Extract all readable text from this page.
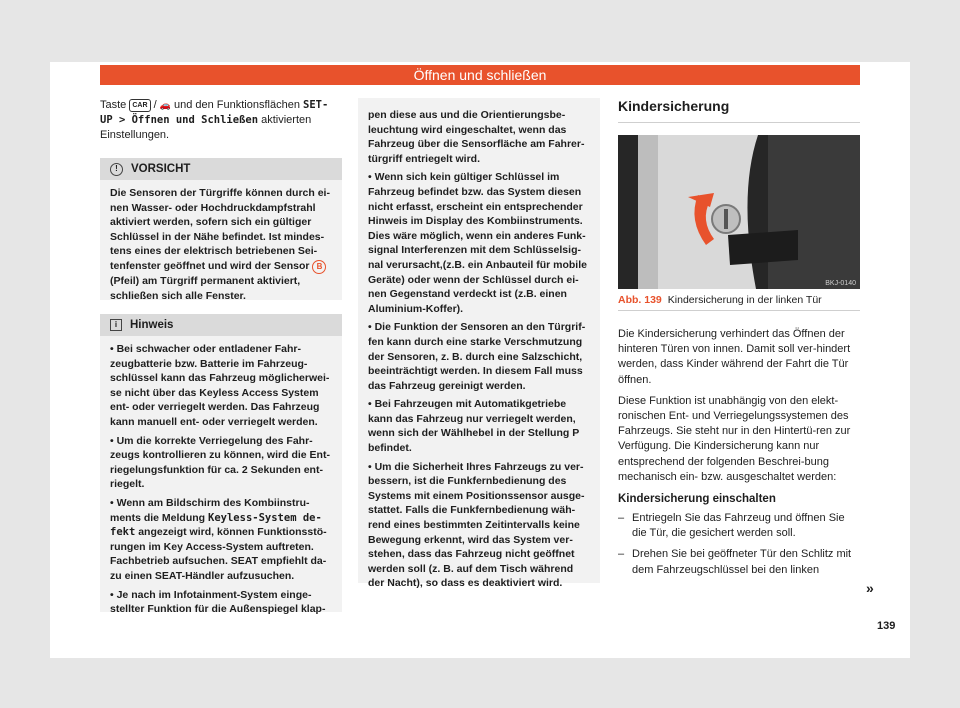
Öffnen und schließen

Taste CAR / 🚗 und den Funktionsflächen SET-
UP > Öffnen und Schließen aktivierten
Einstellungen.

!	VORSICHT
Die Sensoren der Türgriffe können durch ei-nen Wasser- oder Hochdruckdampfstrahl aktiviert werden, sofern sich ein gültiger Schlüssel in der Nähe befindet. Ist mindes-tens eines der elektrisch betriebenen Sei-tenfenster geöffnet und wird der Sensor B (Pfeil) am Türgriff permanent aktiviert, schließen sich alle Fenster.
i	Hinweis

• Bei schwacher oder entladener Fahr-zeugbatterie bzw. Batterie im Fahrzeug-schlüssel kann das Fahrzeug möglicherwei-se nicht über das Keyless Access System ent- oder verriegelt werden. Das Fahrzeug kann manuell ent- oder verriegelt werden.

• Um die korrekte Verriegelung des Fahr-zeugs kontrollieren zu können, wird die Ent-riegelungsfunktion für ca. 2 Sekunden ent-riegelt.

• Wenn am Bildschirm des Kombiinstru-ments die Meldung Keyless-System de-fekt angezeigt wird, können Funktionsstö-rungen im Key Access-System auftreten. Fachbetrieb aufsuchen. SEAT empfiehlt da-zu einen SEAT-Händler aufzusuchen.

• Je nach im Infotainment-System einge-stellter Funktion für die Außenspiegel klap-

pen diese aus und die Orientierungsbe-leuchtung wird eingeschaltet, wenn das Fahrzeug über die Sensorfläche am Fahrer-türgriff entriegelt wird.

• Wenn sich kein gültiger Schlüssel im Fahrzeug befindet bzw. das System diesen nicht erfasst, erscheint ein entsprechender Hinweis im Display des Kombiinstruments. Dies wäre möglich, wenn ein anderes Funk-signal Interferenzen mit dem Schlüsselsig-nal verursacht,(z.B. ein Anbauteil für mobile Geräte) oder wenn der Schlüssel durch ei-nen Gegenstand verdeckt ist (z.B. einen Aluminium-Koffer).

• Die Funktion der Sensoren an den Türgrif-fen kann durch eine starke Verschmutzung der Sensoren, z. B. durch eine Salzschicht, beeinträchtigt werden. In diesem Fall muss das Fahrzeug gereinigt werden.

• Bei Fahrzeugen mit Automatikgetriebe kann das Fahrzeug nur verriegelt werden, wenn sich der Wählhebel in der Stellung P befindet.

• Um die Sicherheit Ihres Fahrzeugs zu ver-bessern, ist die Funkfernbedienung des Systems mit einem Positionssensor ausge-stattet. Falls die Funkfernbedienung wäh-rend eines bestimmten Zeitintervalls keine Bewegung erkennt, wird das System ver-stehen, dass das Fahrzeug nicht geöffnet werden soll (z. B. auf dem Tisch während der Nacht), so dass es deaktiviert wird.

Kindersicherung
BKJ-0140
Abb. 139 Kindersicherung in der linken Tür

Die Kindersicherung verhindert das Öffnen der hinteren Türen von innen. Damit soll ver-hindert werden, dass Kinder während der Fahrt die Tür öffnen.

Diese Funktion ist unabhängig von den elekt-ronischen Ent- und Verriegelungssystemen des Fahrzeugs. Sie steht nur in den Hintertü-ren zur Verfügung. Die Kindersicherung kann nur entsprechend der folgenden Beschrei-bung mechanisch ein- bzw. ausgeschaltet werden:

Kindersicherung einschalten
– Entriegeln Sie das Fahrzeug und öffnen Sie die Tür, die gesichert werden soll.
– Drehen Sie bei geöffneter Tür den Schlitz mit dem Fahrzeugschlüssel bei den linken
»
139
